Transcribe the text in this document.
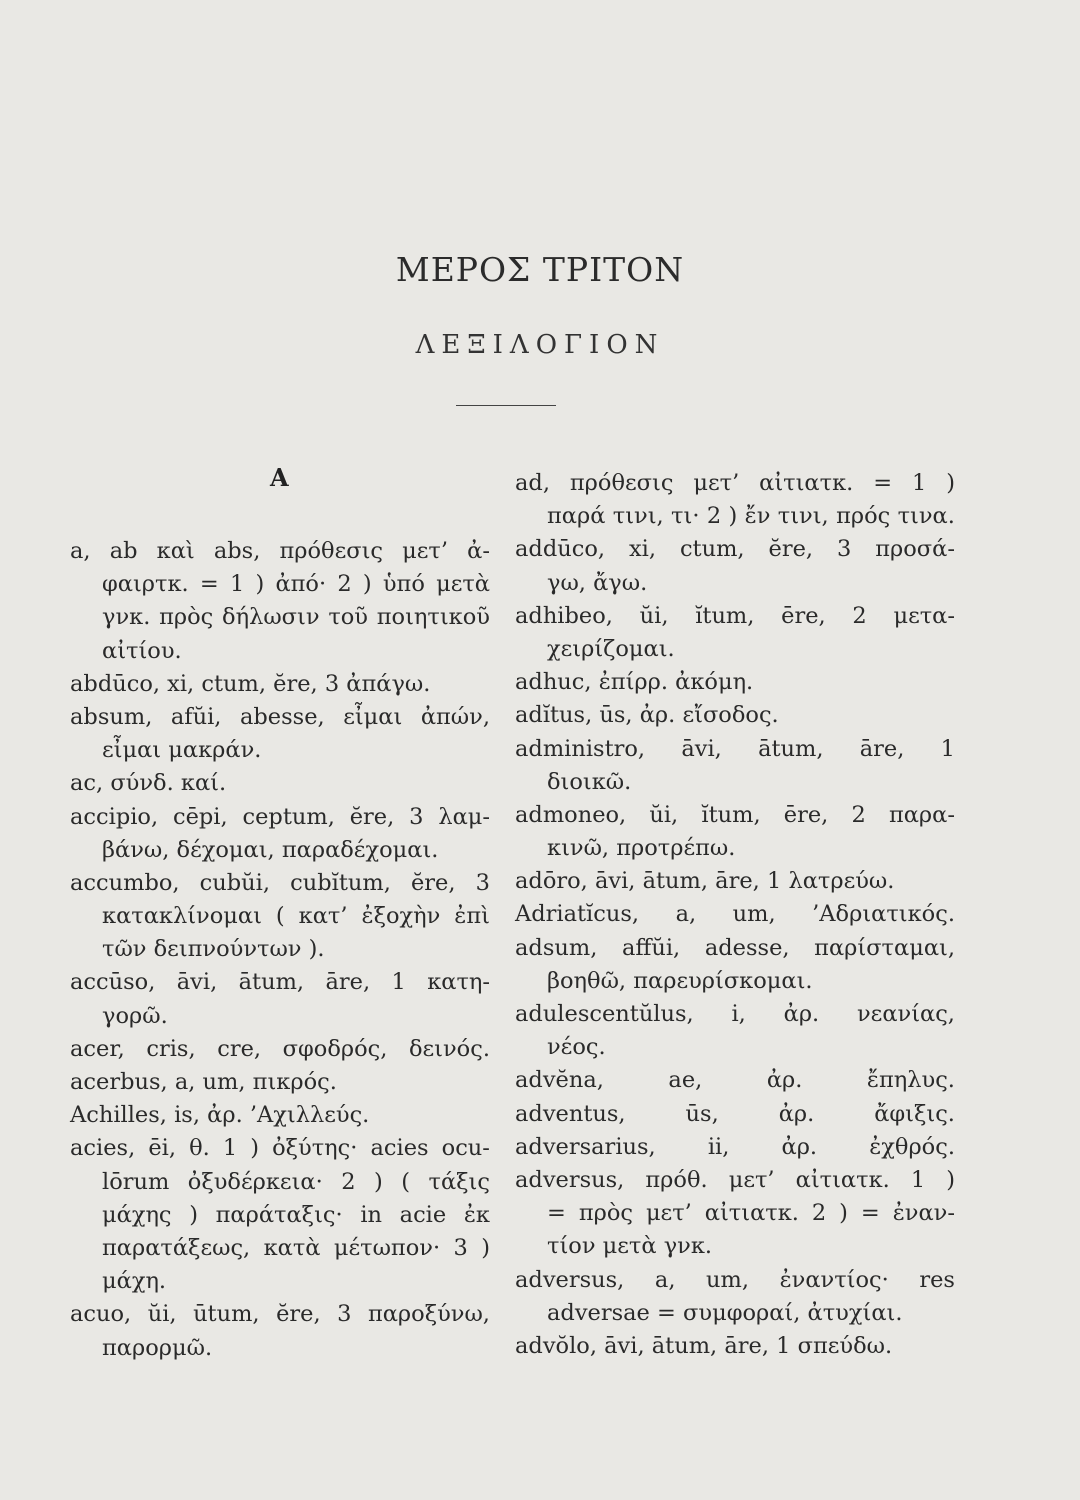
ΜΕΡΟΣ ΤΡΙΤΟΝ
ΛΕΞΙΛΟΓΙΟΝ
Α
a, ab καὶ abs, πρόθεσις μετ’ ἀ-
φαιρτκ. = 1 ) ἀπό· 2 ) ὑπό μετὰ
γνκ. πρὸς δήλωσιν τοῦ ποιητικοῦ
αἰτίου.
abdūco, xi, ctum, ĕre, 3 ἀπάγω.
absum, afŭi, abesse, εἶμαι ἀπών,
εἶμαι μακράν.
ac, σύνδ. καί.
accipio, cēpi, ceptum, ĕre, 3 λαμ-
βάνω, δέχομαι, παραδέχομαι.
accumbo, cubŭi, cubĭtum, ĕre, 3
κατακλίνομαι ( κατ’ ἐξοχὴν ἐπὶ
τῶν δειπνούντων ).
accūso, āvi, ātum, āre, 1 κατη-
γορῶ.
acer, cris, cre, σφοδρός, δεινός.
acerbus, a, um, πικρός.
Achilles, is, ἀρ. ’Αχιλλεύς.
acies, ēi, θ. 1 ) ὀξύτης· acies ocu-
lōrum ὀξυδέρκεια· 2 ) ( τάξις
μάχης ) παράταξις· in acie ἐκ
παρατάξεως, κατὰ μέτωπον· 3 )
μάχη.
acuo, ŭi, ūtum, ĕre, 3 παροξύνω,
παρορμῶ.
ad, πρόθεσις μετ’ αἰτιατκ. = 1 )
παρά τινι, τι· 2 ) ἔν τινι, πρός τινα.
addūco, xi, ctum, ĕre, 3 προσά-
γω, ἄγω.
adhibeo, ŭi, ĭtum, ēre, 2 μετα-
χειρίζομαι.
adhuc, ἐπίρρ. ἀκόμη.
adĭtus, ūs, ἀρ. εἴσοδος.
administro, āvi, ātum, āre, 1
διοικῶ.
admoneo, ŭi, ĭtum, ēre, 2 παρα-
κινῶ, προτρέπω.
adōro, āvi, ātum, āre, 1 λατρεύω.
Adriatĭcus, a, um, ’Αδριατικός.
adsum, affŭi, adesse, παρίσταμαι,
βοηθῶ, παρευρίσκομαι.
adulescentŭlus, i, ἀρ. νεανίας,
νέος.
advĕna,	ae,	ἀρ.	ἔπηλυς.
adventus,	ūs,	ἀρ.	ἄφιξις.
adversarius, ii, ἀρ. ἐχθρός.
adversus, πρόθ. μετ’ αἰτιατκ. 1 )
= πρὸς μετ’ αἰτιατκ. 2 ) = ἐναν-
τίον μετὰ γνκ.
adversus, a, um, ἐναντίος· res
adversae = συμφοραί, ἀτυχίαι.
advŏlo, āvi, ātum, āre, 1 σπεύδω.
